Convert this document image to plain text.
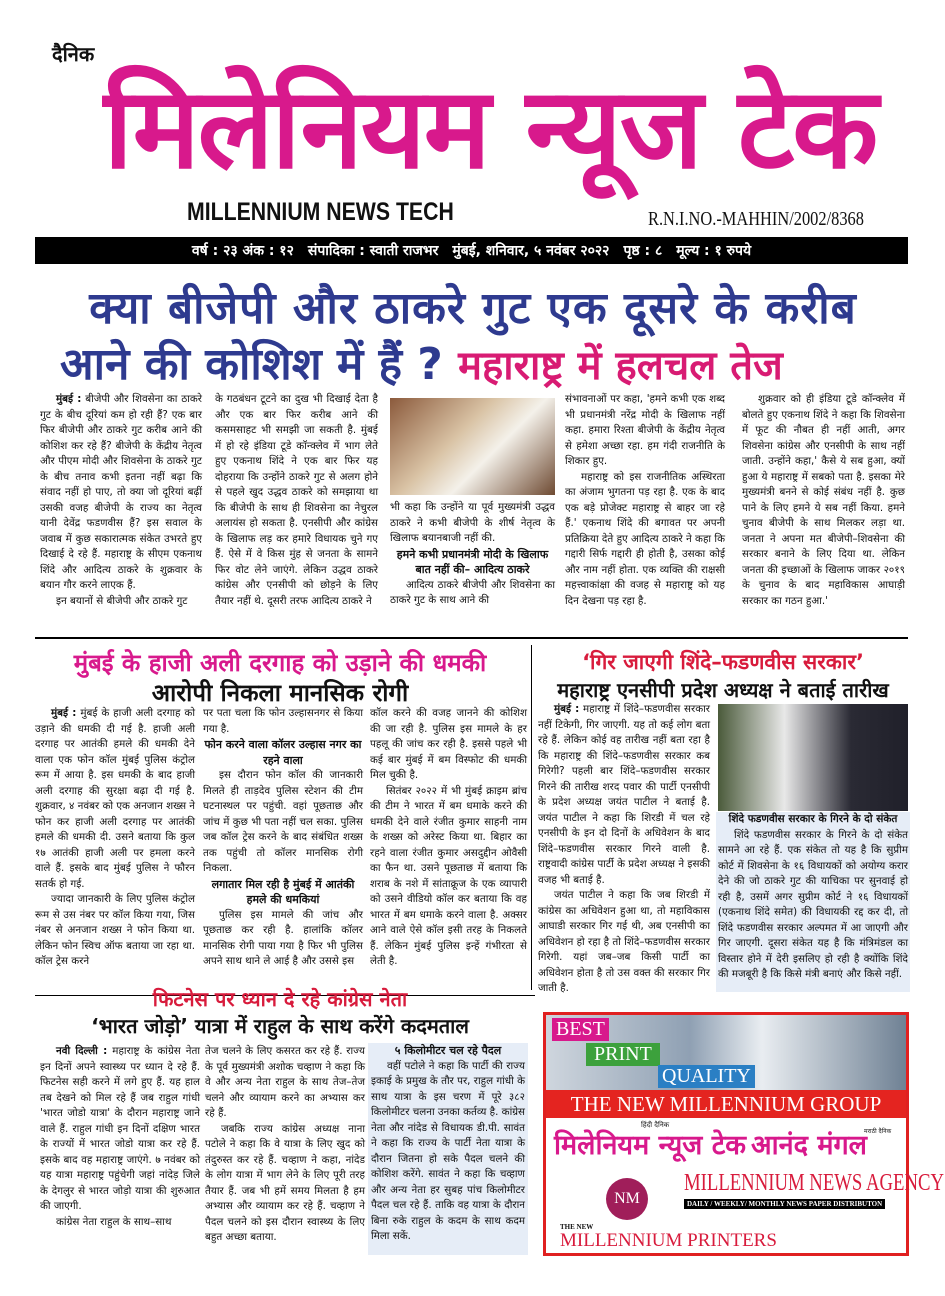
दैनिक
मिलेनियम न्यूज टेक
MILLENNIUM NEWS TECH	R.N.I.NO.-MAHHIN/2002/8368
वर्ष : २३ अंक : १२ संपादिका : स्वाती राजभर मुंबई, शनिवार, ५ नवंबर २०२२ पृष्ठ : ८ मूल्य : १ रुपये
क्या बीजेपी और ठाकरे गुट एक दूसरे के करीब
आने की कोशिश में हैं ? महाराष्ट्र में हलचल तेज

मुंबई : बीजेपी और शिवसेना का ठाकरे गुट के बीच दूरियां कम हो रही हैं? एक बार फिर बीजेपी और ठाकरे गुट करीब आने की कोशिश कर रहे हैं? बीजेपी के केंद्रीय नेतृत्व और पीएम मोदी और शिवसेना के ठाकरे गुट के बीच तनाव कभी इतना नहीं बढ़ा कि संवाद नहीं हो पाए, तो क्या जो दूरियां बढ़ीं उसकी वजह बीजेपी के राज्य का नेतृत्व यानी देवेंद्र फडणवीस हैं? इस सवाल के जवाब में कुछ सकारात्मक संकेत उभरते हुए दिखाई दे रहे हैं. महाराष्ट्र के सीएम एकनाथ शिंदे और आदित्य ठाकरे के शुक्रवार के बयान गौर करने लाएक हैं.

इन बयानों से बीजेपी और ठाकरे गुट

के गठबंधन टूटने का दुख भी दिखाई देता है और एक बार फिर करीब आने की कसमसाहट भी समझी जा सकती है. मुंबई में हो रहे इंडिया टूडे कॉन्क्लेव में भाग लेते हुए एकनाथ शिंदे ने एक बार फिर यह दोहराया कि उन्होंने ठाकरे गुट से अलग होने से पहले खुद उद्धव ठाकरे को समझाया था कि बीजेपी के साथ ही शिवसेना का नेचुरल अलायंस हो सकता है. एनसीपी और कांग्रेस के खिलाफ लड़ कर हमारे विधायक चुने गए हैं. ऐसे में वे किस मुंह से जनता के सामने फिर वोट लेने जाएंगे. लेकिन उद्धव ठाकरे कांग्रेस और एनसीपी को छोड़ने के लिए तैयार नहीं थे. दूसरी तरफ आदित्य ठाकरे ने

भी कहा कि उन्होंने या पूर्व मुख्यमंत्री उद्धव ठाकरे ने कभी बीजेपी के शीर्ष नेतृत्व के खिलाफ बयानबाजी नहीं की.

हमने कभी प्रधानमंत्री मोदी के खिलाफ बात नहीं की– आदित्य ठाकरे

आदित्य ठाकरे बीजेपी और शिवसेना का ठाकरे गुट के साथ आने की

संभावनाओं पर कहा, 'हमने कभी एक शब्द भी प्रधानमंत्री नरेंद्र मोदी के खिलाफ नहीं कहा. हमारा रिश्ता बीजेपी के केंद्रीय नेतृत्व से हमेशा अच्छा रहा. हम गंदी राजनीति के शिकार हुए.

महाराष्ट्र को इस राजनीतिक अस्थिरता का अंजाम भुगतना पड़ रहा है. एक के बाद एक बड़े प्रोजेक्ट महाराष्ट्र से बाहर जा रहे हैं.' एकनाथ शिंदे की बगावत पर अपनी प्रतिक्रिया देते हुए आदित्य ठाकरे ने कहा कि गद्दारी सिर्फ गद्दारी ही होती है, उसका कोई और नाम नहीं होता. एक व्यक्ति की राक्षसी महत्त्वाकांक्षा की वजह से महाराष्ट्र को यह दिन देखना पड़ रहा है.

शुक्रवार को ही इंडिया टूडे कॉन्क्लेव में बोलते हुए एकनाथ शिंदे ने कहा कि शिवसेना में फूट की नौबत ही नहीं आती, अगर शिवसेना कांग्रेस और एनसीपी के साथ नहीं जाती. उन्होंने कहा,' कैसे ये सब हुआ, क्यों हुआ ये महाराष्ट्र में सबको पता है. इसका मेरे मुख्यमंत्री बनने से कोई संबंध नहीं है. कुछ पाने के लिए हमने ये सब नहीं किया. हमने चुनाव बीजेपी के साथ मिलकर लड़ा था. जनता ने अपना मत बीजेपी–शिवसेना की सरकार बनाने के लिए दिया था. लेकिन जनता की इच्छाओं के खिलाफ जाकर २०१९ के चुनाव के बाद महाविकास आघाड़ी सरकार का गठन हुआ.'

मुंबई के हाजी अली दरगाह को उड़ाने की धमकी
आरोपी निकला मानसिक रोगी

मुंबई : मुंबई के हाजी अली दरगाह को उड़ाने की धमकी दी गई है. हाजी अली दरगाह पर आतंकी हमले की धमकी देने वाला एक फोन कॉल मुंबई पुलिस कंट्रोल रूम में आया है. इस धमकी के बाद हाजी अली दरगाह की सुरक्षा बढ़ा दी गई है. शुक्रवार, ४ नवंबर को एक अनजान शख्स ने फोन कर हाजी अली दरगाह पर आतंकी हमले की धमकी दी. उसने बताया कि कुल १७ आतंकी हाजी अली पर हमला करने वाले हैं. इसके बाद मुंबई पुलिस ने फौरन सतर्क हो गई.

ज्यादा जानकारी के लिए पुलिस कंट्रोल रूम से उस नंबर पर कॉल किया गया, जिस नंबर से अनजान शख्स ने फोन किया था. लेकिन फोन स्विच ऑफ बताया जा रहा था. कॉल ट्रेस करने

पर पता चला कि फोन उल्हासनगर से किया गया है.

फोन करने वाला कॉलर उल्हास नगर का रहने वाला

इस दौरान फोन कॉल की जानकारी मिलते ही ताड़देव पुलिस स्टेशन की टीम घटनास्थल पर पहुंची. वहां पूछताछ और जांच में कुछ भी पता नहीं चल सका. पुलिस जब कॉल ट्रेस करने के बाद संबंधित शख्स तक पहुंची तो कॉलर मानसिक रोगी निकला.

लगातार मिल रही है मुंबई में आतंकी हमले की धमकियां

पुलिस इस मामले की जांच और पूछताछ कर रही है. हालांकि कॉलर मानसिक रोगी पाया गया है फिर भी पुलिस अपने साथ थाने ले आई है और उससे इस

कॉल करने की वजह जानने की कोशिश की जा रही है. पुलिस इस मामले के हर पहलू की जांच कर रही है. इससे पहले भी कई बार मुंबई में बम विस्फोट की धमकी मिल चुकी है.

सितंबर २०२२ में भी मुंबई क्राइम ब्रांच की टीम ने भारत में बम धमाके करने की धमकी देने वाले रंजीत कुमार साहनी नाम के शख्स को अरेस्ट किया था. बिहार का रहने वाला रंजीत कुमार असदुद्दीन ओवैसी का फैन था. उसने पूछताछ में बताया कि शराब के नशे में सांताक्रूज के एक व्यापारी को उसने वीडियो कॉल कर बताया कि वह भारत में बम धमाके करने वाला है. अक्सर आने वाले ऐसे कॉल इसी तरह के निकलते हैं. लेकिन मुंबई पुलिस इन्हें गंभीरता से लेती है.

‘गिर जाएगी शिंदे–फडणवीस सरकार’
महाराष्ट्र एनसीपी प्रदेश अध्यक्ष ने बताई तारीख

मुंबई : महाराष्ट्र में शिंदे–फडणवीस सरकार नहीं टिकेगी, गिर जाएगी. यह तो कई लोग बता रहे हैं. लेकिन कोई वह तारीख नहीं बता रहा है कि महाराष्ट्र की शिंदे–फडणवीस सरकार कब गिरेगी? पहली बार शिंदे–फडणवीस सरकार गिरने की तारीख शरद पवार की पार्टी एनसीपी के प्रदेश अध्यक्ष जयंत पाटील ने बताई है. जयंत पाटील ने कहा कि शिरडी में चल रहे एनसीपी के इन दो दिनों के अधिवेशन के बाद शिंदे–फडणवीस सरकार गिरने वाली है. राष्ट्रवादी कांग्रेस पार्टी के प्रदेश अध्यक्ष ने इसकी वजह भी बताई है.

जयंत पाटील ने कहा कि जब शिरडी में कांग्रेस का अधिवेशन हुआ था, तो महाविकास आघाडी सरकार गिर गई थी, अब एनसीपी का अधिवेशन हो रहा है तो शिंदे–फडणवीस सरकार गिरेगी. यहां जब–जब किसी पार्टी का अधिवेशन होता है तो उस वक्त की सरकार गिर जाती है.

शिंदे फडणवीस सरकार के गिरने के दो संकेत

शिंदे फडणवीस सरकार के गिरने के दो संकेत सामने आ रहे हैं. एक संकेत तो यह है कि सुप्रीम कोर्ट में शिवसेना के १६ विधायकों को अयोग्य करार देने की जो ठाकरे गुट की याचिका पर सुनवाई हो रही है, उसमें अगर सुप्रीम कोर्ट ने १६ विधायकों (एकनाथ शिंदे समेत) की विधायकी रद्द कर दी, तो शिंदे फडणवीस सरकार अल्पमत में आ जाएगी और गिर जाएगी. दूसरा संकेत यह है कि मंत्रिमंडल का विस्तार होने में देरी इसलिए हो रही है क्योंकि शिंदे की मजबूरी है कि किसे मंत्री बनाएं और किसे नहीं.

फिटनेस पर ध्यान दे रहे कांग्रेस नेता
‘भारत जोड़ो’ यात्रा में राहुल के साथ करेंगे कदमताल

नवी दिल्ली : महाराष्ट्र के कांग्रेस नेता इन दिनों अपने स्वास्थ्य पर ध्यान दे रहे हैं. फिटनेस सही करने में लगे हुए हैं. यह हाल तब देखने को मिल रहे हैं जब राहुल गांधी 'भारत जोडो यात्रा' के दौरान महाराष्ट्र जाने वाले हैं. राहुल गांधी इन दिनों दक्षिण भारत के राज्यों में भारत जोडो यात्रा कर रहे हैं. इसके बाद वह महाराष्ट्र जाएंगे. ७ नवंबर को यह यात्रा महाराष्ट्र पहुंचेगी जहां नांदेड़ जिले के देगलुर से भारत जोड़ो यात्रा की शुरुआत की जाएगी.

कांग्रेस नेता राहुल के साथ–साथ

तेज चलने के लिए कसरत कर रहे हैं. राज्य के पूर्व मुख्यमंत्री अशोक चव्हाण ने कहा कि वे और अन्य नेता राहुल के साथ तेज–तेज चलने और व्यायाम करने का अभ्यास कर रहे हैं.

जबकि राज्य कांग्रेस अध्यक्ष नाना पटोले ने कहा कि वे यात्रा के लिए खुद को तंदुरुस्त कर रहे हैं. चव्हाण ने कहा, नांदेड के लोग यात्रा में भाग लेने के लिए पूरी तरह तैयार हैं. जब भी हमें समय मिलता है हम अभ्यास और व्यायाम कर रहे हैं. चव्हाण ने पैदल चलने को इस दौरान स्वास्थ्य के लिए बहुत अच्छा बताया.

५ किलोमीटर चल रहे पैदल

वहीं पटोले ने कहा कि पार्टी की राज्य इकाई के प्रमुख के तौर पर, राहुल गांधी के साथ यात्रा के इस चरण में पूरे ३८२ किलोमीटर चलना उनका कर्तव्य है. कांग्रेस नेता और नांदेड से विधायक डी.पी. सावंत ने कहा कि राज्य के पार्टी नेता यात्रा के दौरान जितना हो सके पैदल चलने की कोशिश करेंगे. सावंत ने कहा कि चव्हाण और अन्य नेता हर सुबह पांच किलोमीटर पैदल चल रहे हैं. ताकि वह यात्रा के दौरान बिना रुके राहुल के कदम के साथ कदम मिला सकें.

BEST
PRINT
QUALITY
THE NEW MILLENNIUM GROUP
हिंदी दैनिक
मिलेनियम न्यूज टेक	मराठी दैनिक
आनंद मंगल
MILLENNIUM NEWS AGENCY
DAILY / WEEKLY/ MONTHLY NEWS PAPER DISTRIBUTON
NM
THE NEW
MILLENNIUM PRINTERS
